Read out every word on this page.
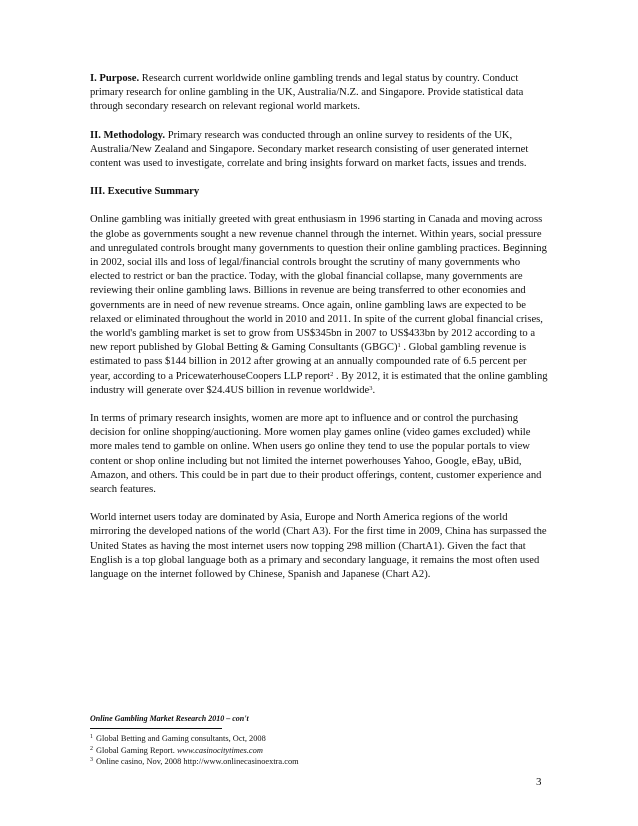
I. Purpose. Research current worldwide online gambling trends and legal status by country. Conduct primary research for online gambling in the UK, Australia/N.Z. and Singapore. Provide statistical data through secondary research on relevant regional world markets.

II. Methodology. Primary research was conducted through an online survey to residents of the UK, Australia/New Zealand and Singapore. Secondary market research consisting of user generated internet content was used to investigate, correlate and bring insights forward on market facts, issues and trends.

III. Executive Summary

Online gambling was initially greeted with great enthusiasm in 1996 starting in Canada and moving across the globe as governments sought a new revenue channel through the internet. Within years, social pressure and unregulated controls brought many governments to question their online gambling practices. Beginning in 2002, social ills and loss of legal/financial controls brought the scrutiny of many governments who elected to restrict or ban the practice. Today, with the global financial collapse, many governments are reviewing their online gambling laws. Billions in revenue are being transferred to other economies and governments are in need of new revenue streams. Once again, online gambling laws are expected to be relaxed or eliminated throughout the world in 2010 and 2011. In spite of the current global financial crises, the world's gambling market is set to grow from US$345bn in 2007 to US$433bn by 2012 according to a new report published by Global Betting & Gaming Consultants (GBGC)$^1$ . Global gambling revenue is estimated to pass $144 billion in 2012 after growing at an annually compounded rate of 6.5 percent per year, according to a PricewaterhouseCoopers LLP report$^2$ . By 2012, it is estimated that the online gambling industry will generate over $24.4US billion in revenue worldwide$^3$.

In terms of primary research insights, women are more apt to influence and or control the purchasing decision for online shopping/auctioning. More women play games online (video games excluded) while more males tend to gamble on online. When users go online they tend to use the popular portals to view content or shop online including but not limited the internet powerhouses Yahoo, Google, eBay, uBid, Amazon, and others. This could be in part due to their product offerings, content, customer experience and search features.

World internet users today are dominated by Asia, Europe and North America regions of the world mirroring the developed nations of the world (Chart A3). For the first time in 2009, China has surpassed the United States as having the most internet users now topping 298 million (ChartA1). Given the fact that English is a top global language both as a primary and secondary language, it remains the most often used language on the internet followed by Chinese, Spanish and Japanese (Chart A2).

Online Gambling Market Research 2010 – con't
$^1$ Global Betting and Gaming consultants, Oct, 2008
$^2$ Global Gaming Report. www.casinocitytimes.com
$^3$ Online casino, Nov, 2008 http://www.onlinecasinoextra.com
3
